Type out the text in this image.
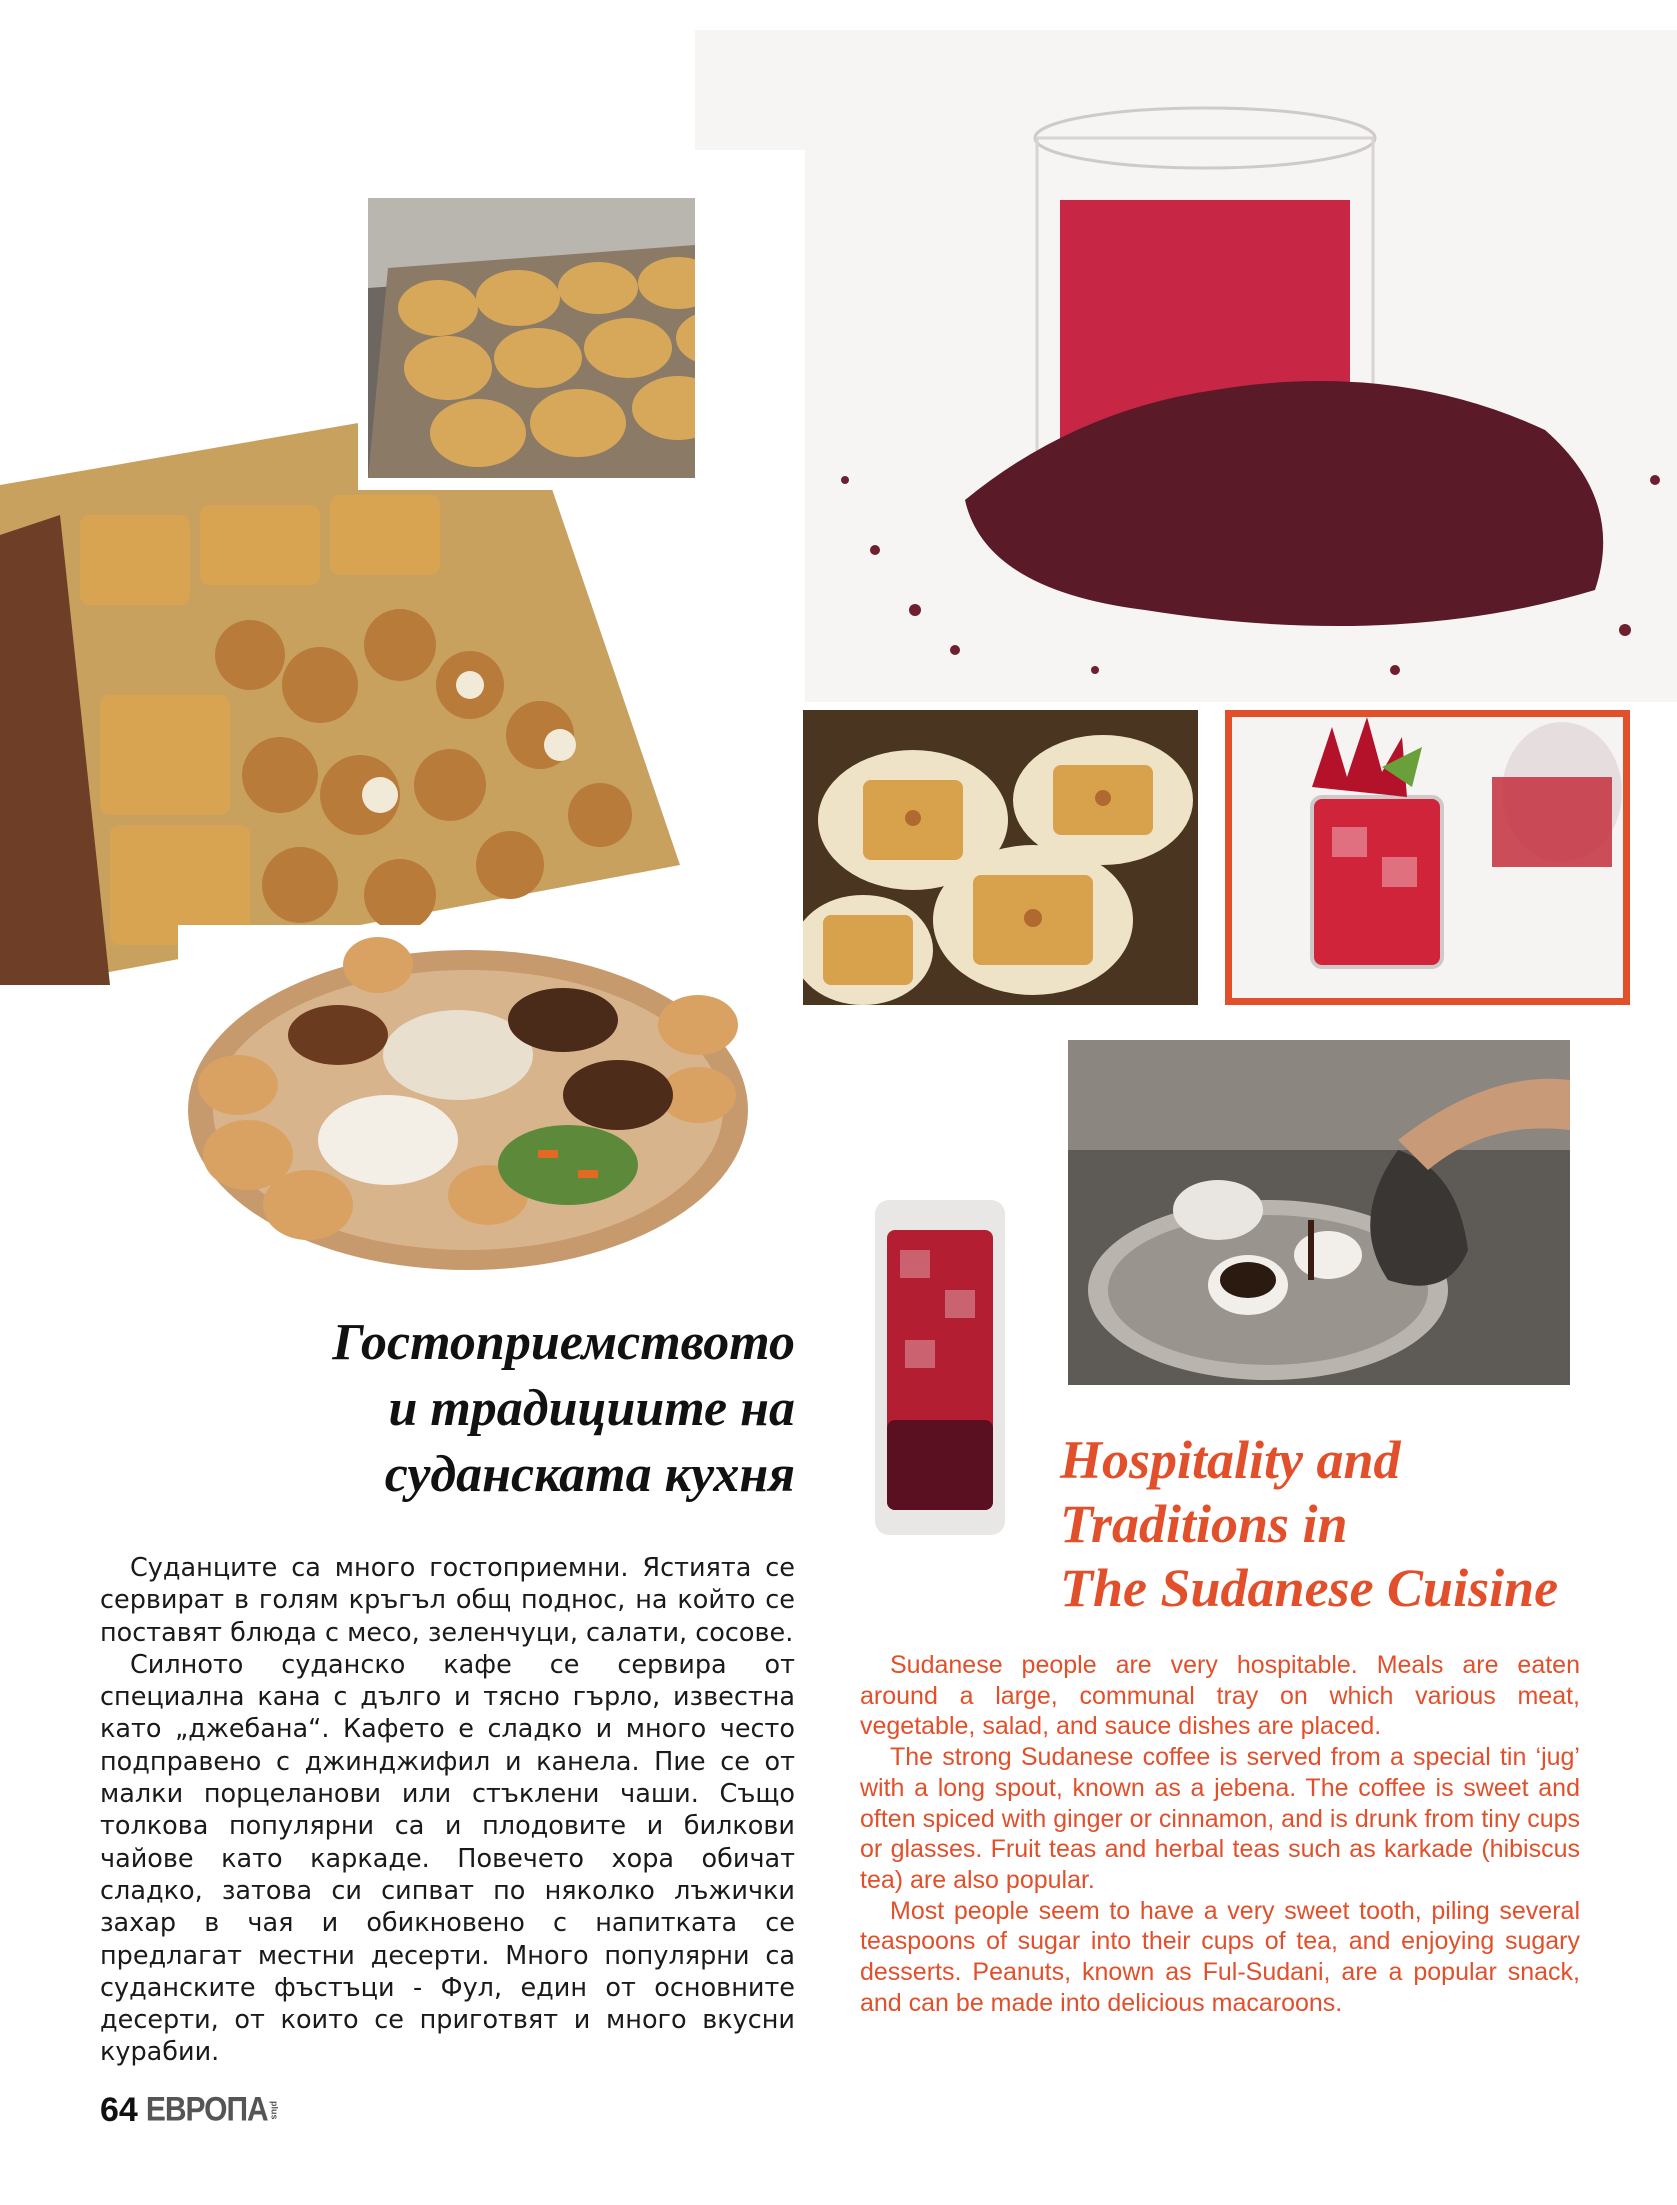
Гостоприемството
и традициите на
суданската кухня	Hospitality and
Traditions in
The Sudanese Cuisine

Суданците са много гостоприемни. Ястията се сервират в голям кръгъл общ поднос, на който се поставят блюда с месо, зеленчуци, салати, сосове.

Силното суданско кафе се сервира от специална кана с дълго и тясно гърло, известна като „джебана“. Кафето е сладко и много често подправено с джинджифил и канела. Пие се от малки порцеланови или стъклени чаши. Също толкова популярни са и плодовите и билкови чайове като каркаде. Повечето хора обичат сладко, затова си сипват по няколко лъжички захар в чая и обикновено с напитката се предлагат местни десерти. Много популярни са суданските фъстъци - Фул, един от основните десерти, от които се приготвят и много вкусни курабии.

Sudanese people are very hospitable. Meals are eaten around a large, communal tray on which various meat, vegetable, salad, and sauce dishes are placed.

The strong Sudanese coffee is served from a special tin ‘jug’ with a long spout, known as a jebena. The coffee is sweet and often spiced with ginger or cinnamon, and is drunk from tiny cups or glasses. Fruit teas and herbal teas such as karkade (hibiscus tea) are also popular.

Most people seem to have a very sweet tooth, piling several teaspoons of sugar into their cups of tea, and enjoying sugary desserts. Peanuts, known as Ful-Sudani, are a popular snack, and can be made into delicious macaroons.

64 ЕВРОПА plus
